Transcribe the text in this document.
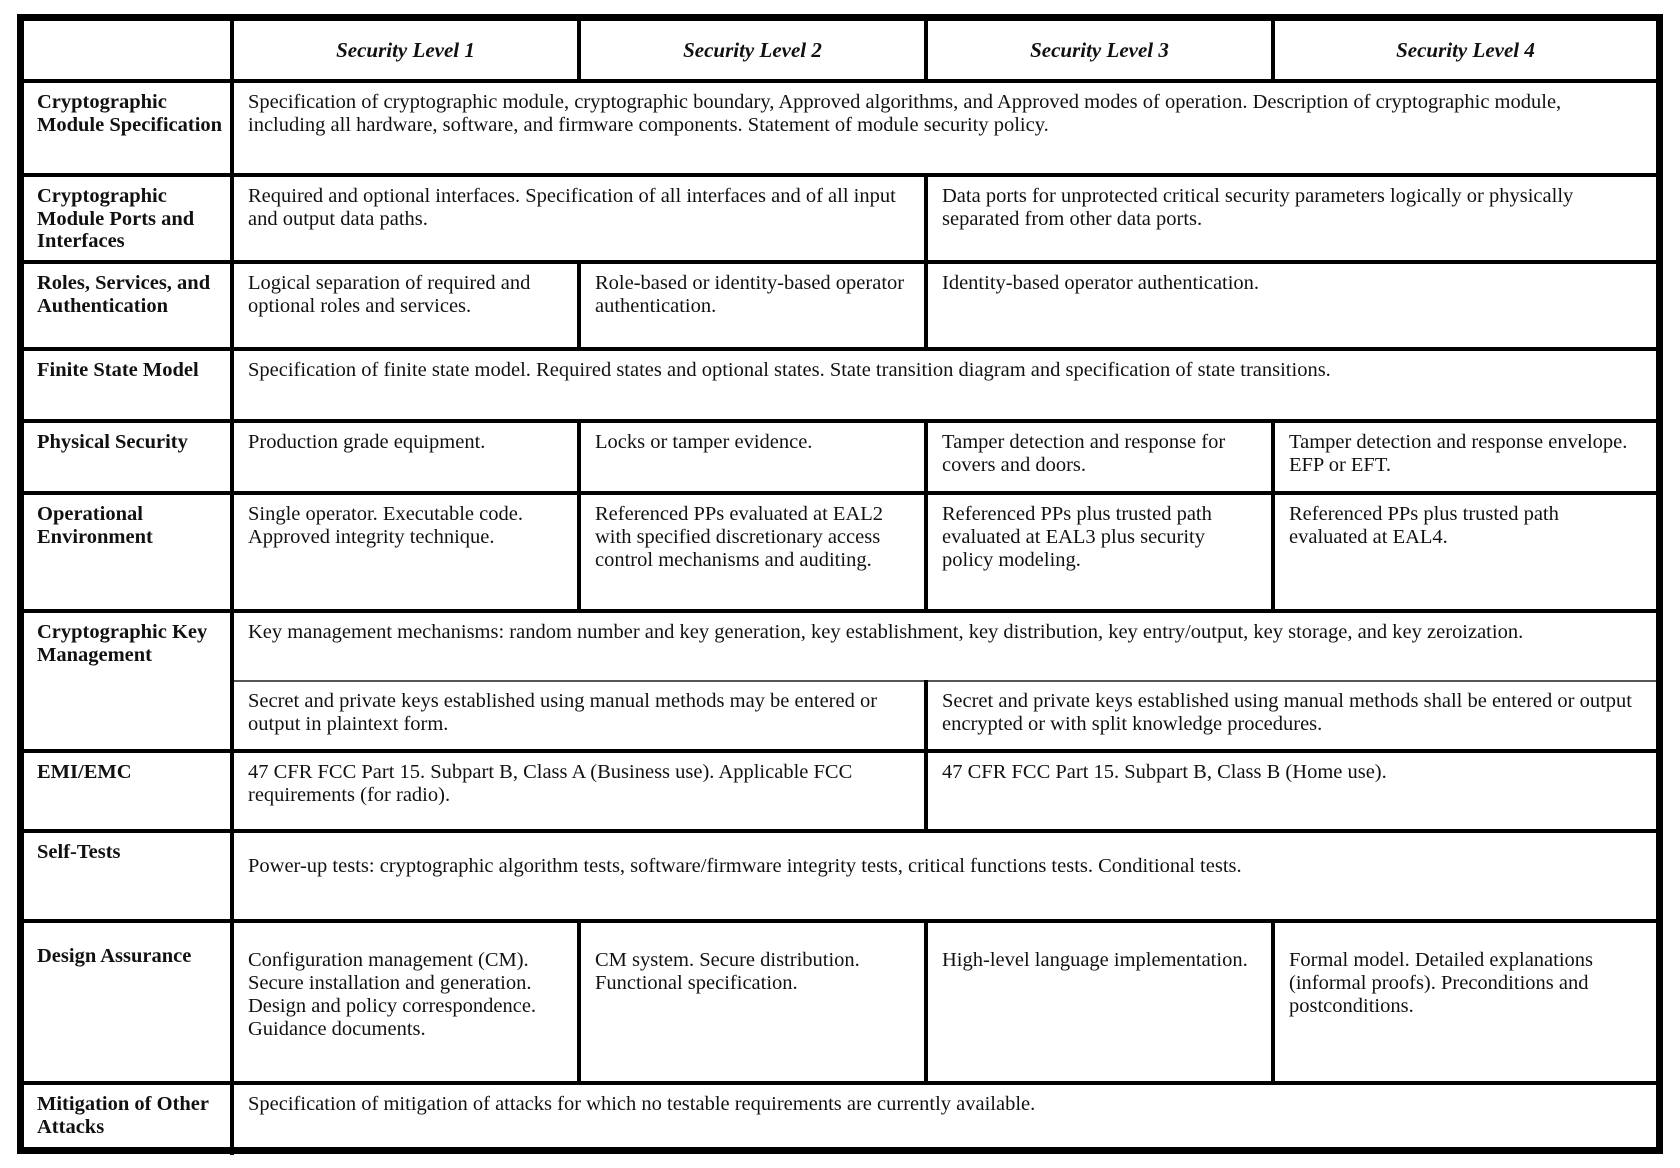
	Security Level 1	Security Level 2	Security Level 3	Security Level 4
Cryptographic Module Specification	Specification of cryptographic module, cryptographic boundary, Approved algorithms, and Approved modes of operation. Description of cryptographic module, including all hardware, software, and firmware components. Statement of module security policy.			
Cryptographic Module Ports and Interfaces	Required and optional interfaces. Specification of all interfaces and of all input and output data paths.		Data ports for unprotected critical security parameters logically or physically separated from other data ports.	
Roles, Services, and Authentication	Logical separation of required and optional roles and services.	Role-based or identity-based operator authentication.	Identity-based operator authentication.	
Finite State Model	Specification of finite state model. Required states and optional states. State transition diagram and specification of state transitions.			
Physical Security	Production grade equipment.	Locks or tamper evidence.	Tamper detection and response for covers and doors.	Tamper detection and response envelope. EFP or EFT.
Operational Environment	Single operator. Executable code. Approved integrity technique.	Referenced PPs evaluated at EAL2 with specified discretionary access control mechanisms and auditing.	Referenced PPs plus trusted path evaluated at EAL3 plus security policy modeling.	Referenced PPs plus trusted path evaluated at EAL4.
Cryptographic Key Management	Key management mechanisms: random number and key generation, key establishment, key distribution, key entry/output, key storage, and key zeroization.			
	Secret and private keys established using manual methods may be entered or output in plaintext form.		Secret and private keys established using manual methods shall be entered or output encrypted or with split knowledge procedures.	
EMI/EMC	47 CFR FCC Part 15. Subpart B, Class A (Business use). Applicable FCC requirements (for radio).		47 CFR FCC Part 15. Subpart B, Class B (Home use).	
Self-Tests	Power-up tests: cryptographic algorithm tests, software/firmware integrity tests, critical functions tests. Conditional tests.			
Design Assurance	Configuration management (CM). Secure installation and generation. Design and policy correspondence. Guidance documents.	CM system. Secure distribution. Functional specification.	High-level language implementation.	Formal model. Detailed explanations (informal proofs). Preconditions and postconditions.
Mitigation of Other Attacks	Specification of mitigation of attacks for which no testable requirements are currently available.			
